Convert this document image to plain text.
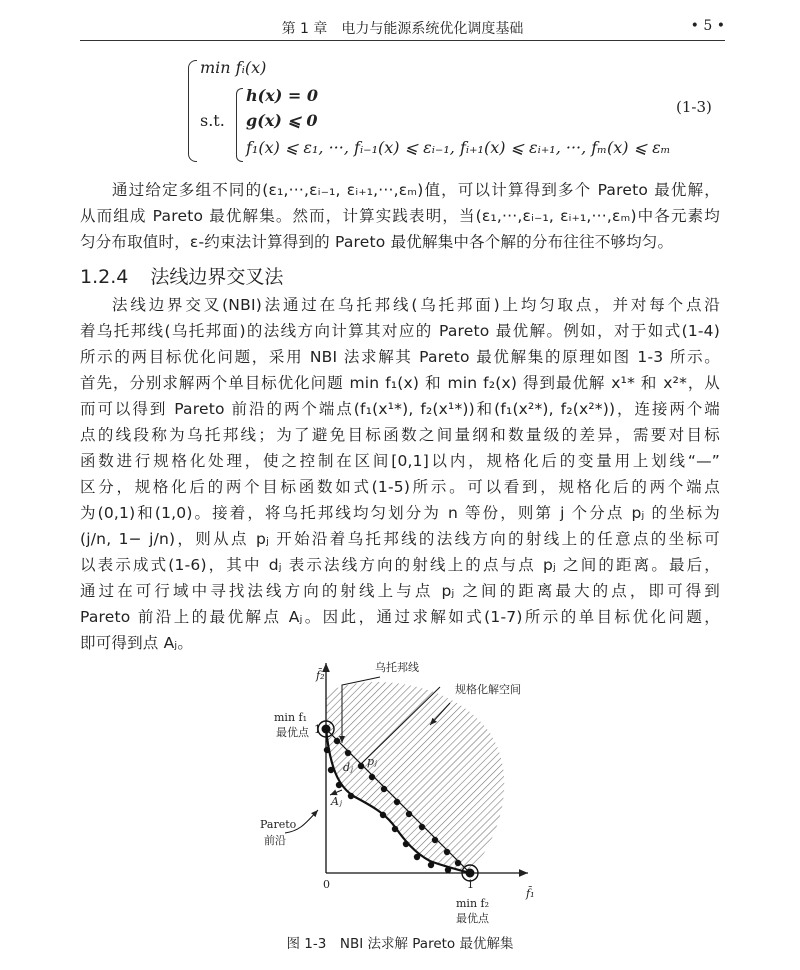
第 1 章　电力与能源系统优化调度基础	• 5 •
min fᵢ(x)
s.t.
h(x) = 0
g(x) ⩽ 0
f₁(x) ⩽ ε₁, ···, fᵢ₋₁(x) ⩽ εᵢ₋₁, fᵢ₊₁(x) ⩽ εᵢ₊₁, ···, fₘ(x) ⩽ εₘ
(1-3)
通过给定多组不同的(ε₁,···,εᵢ₋₁, εᵢ₊₁,···,εₘ)值，可以计算得到多个 Pareto 最优解，
从而组成 Pareto 最优解集。然而，计算实践表明，当(ε₁,···,εᵢ₋₁, εᵢ₊₁,···,εₘ)中各元素均
匀分布取值时，ε-约束法计算得到的 Pareto 最优解集中各个解的分布往往不够均匀。
1.2.4 法线边界交叉法
法线边界交叉(NBI)法通过在乌托邦线(乌托邦面)上均匀取点，并对每个点沿
着乌托邦线(乌托邦面)的法线方向计算其对应的 Pareto 最优解。例如，对于如式(1-4)
所示的两目标优化问题，采用 NBI 法求解其 Pareto 最优解集的原理如图 1-3 所示。
首先，分别求解两个单目标优化问题 min f₁(x) 和 min f₂(x) 得到最优解 x¹* 和 x²*，从
而可以得到 Pareto 前沿的两个端点(f₁(x¹*), f₂(x¹*))和(f₁(x²*), f₂(x²*))，连接两个端
点的线段称为乌托邦线；为了避免目标函数之间量纲和数量级的差异，需要对目标
函数进行规格化处理，使之控制在区间[0,1]以内，规格化后的变量用上划线“—”
区分，规格化后的两个目标函数如式(1-5)所示。可以看到，规格化后的两个端点
为(0,1)和(1,0)。接着，将乌托邦线均匀划分为 n 等份，则第 j 个分点 pⱼ 的坐标为
(j/n, 1− j/n)，则从点 pⱼ 开始沿着乌托邦线的法线方向的射线上的任意点的坐标可
以表示成式(1-6)，其中 dⱼ 表示法线方向的射线上的点与点 pⱼ 之间的距离。最后，
通过在可行域中寻找法线方向的射线上与点 pⱼ 之间的距离最大的点，即可得到
Pareto 前沿上的最优解点 Aⱼ。因此，通过求解如式(1-7)所示的单目标优化问题，
即可得到点 Aⱼ。
f̄₂
f̄₁
乌托邦线
规格化解空间
min f₁
最优点 1
0	1
min f₂
最优点
dⱼ pⱼ
Aⱼ
Pareto
前沿
图 1-3　NBI 法求解 Pareto 最优解集
